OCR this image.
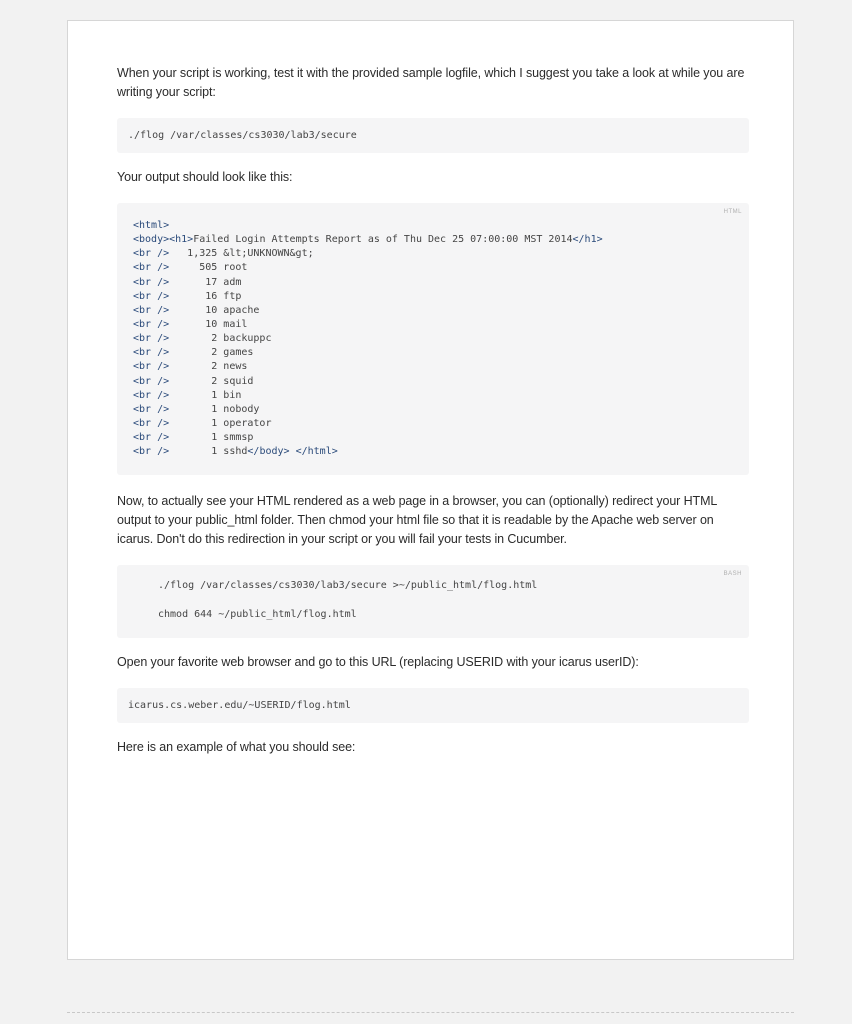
When your script is working, test it with the provided sample logfile, which I suggest you take a look at while you are writing your script:

./flog /var/classes/cs3030/lab3/secure

Your output should look like this:

HTML
<html>
<body><h1>Failed Login Attempts Report as of Thu Dec 25 07:00:00 MST 2014</h1>
<br />   1,325 &lt;UNKNOWN&gt;
<br />     505 root
<br />      17 adm
<br />      16 ftp
<br />      10 apache
<br />      10 mail
<br />       2 backuppc
<br />       2 games
<br />       2 news
<br />       2 squid
<br />       1 bin
<br />       1 nobody
<br />       1 operator
<br />       1 smmsp
<br />       1 sshd</body> </html>

Now, to actually see your HTML rendered as a web page in a browser, you can (optionally) redirect your HTML output to your public_html folder. Then chmod your html file so that it is readable by the Apache web server on icarus. Don't do this redirection in your script or you will fail your tests in Cucumber.

BASH
./flog /var/classes/cs3030/lab3/secure >~/public_html/flog.html
chmod 644 ~/public_html/flog.html

Open your favorite web browser and go to this URL (replacing USERID with your icarus userID):

icarus.cs.weber.edu/~USERID/flog.html

Here is an example of what you should see:
